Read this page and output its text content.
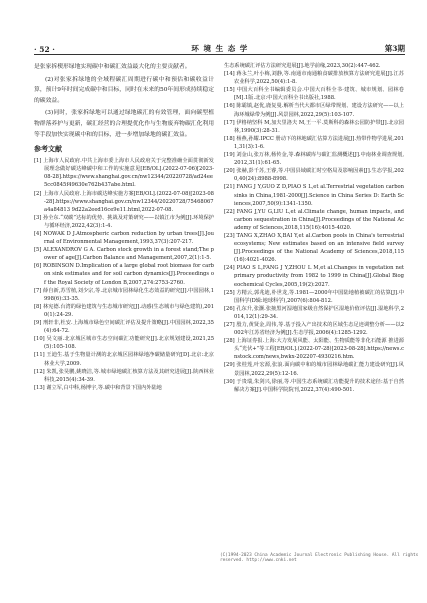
· 52 ·	环 境 生 态 学	第3期

是张家拆楔形绿地实现碳中和碳汇效益最大化的主要贡献者。

(2)对张家拆绿地的全域程碳汇周期进行碳中和预估和碳收益计算，预计9年时间完成碳中和目标，同时在未来的50年间形成持续稳定的碳效益。

(3)同时，张家拆绿地可以通过绿地碳汇的有效管理，面向碳型植物群落养护与更新，碳汇经营的合理提优化作与生物废弃物碳汇化利用等手段加快实现碳中和的目标，进一步增加绿地的碳汇效益。

参考文献
[1] 上海市人民政府.中共上海市委上海市人民政府关于完整准确全面贯彻新发展理念做好碳达峰碳中和工作的实施意见[EB/OL].(2022-07-06)[2023-08-28].https://www.shanghai.gov.cn/nw12344/20220728/ad24ee5cc0845f49630e762b437abe.html.
[2] 上海市人民政府.上海市碳达峰实施方案[EB/OL].(2022-07-08)[2023-08-28].https://www.shanghai.gov.cn/nw12344/20220728/75468067a4a84813 9d22a2eed16ce9e11.html,2022-07-08.
[3] 孙全东.“双碳”达标的优势、挑战及对策研究——以镇江市为例[J].环境保护与循环经济,2022,42(3):1-4.
[4] NOWAK D J.Atmospheric carbon reduction by urban trees[J].Journal of Environmental Management,1993,37(3):207-217.
[5] ALEXANDROV G A. Carbon stock growth in a forest stand;The power of age[J].Carbon Balance and Management,2007,2(1):1-5.
[6] ROBINSON D.Implication of a large global root biomass for carbon sink estimates and for soil carbon dynamics[J].Proceedings of the Royal Society of London B,2007,274:2753-2760.
[7] 薛自新,苏雪植,刘少宗,等.北京城市园林绿化生态效益的研究[J].中国园林,1998(6):33-35.
[8] 林宪德.台湾的绿色建筑与生态城市研究[J].动感(生态城市与绿色建筑),2010(1):24-29.
[9] 刑轩非,杜安.上海城市绿色空间碳汇评估及提升策略[J].中国园林,2022,35(4):64-72.
[10] 吴文丽.北京城区城市生态空间碳汇功能研究[J].北京规划建设,2021,25(5):105-108.
[11] 王迪生.基于生物量计测的北京城区园林绿地净碳储量研究[D].北京:北京林业大学,2009.
[12] 朱凯,张昊鹏,姚晓洁,等.城市绿地碳汇核算方法及其研究进展[J].陕西林业科技,2015(4):34-39.
[13] 谢立军,白中科,杨博宇,等.碳中和背景下国内外陆地
生态系统碳汇评估方法研究进展[J].地学前缘,2023,30(2):447-462.
[14] 蒋永兰,叶小梅,刘静,等.南通市南通粮食碳排放核算方法研究进展[J].江苏农业科学,2022,50(4):1-8.
[15] 中国大百科全书编辑委员会.中国大百科全书·建筑、城市规划、园林卷[M].1版.北京:中国大百科全书出版社,1988.
[16] 陈霸镇,赵优,鹿复曼.解析当代大都市区绿带规划、建设方法研究——以上海环城绿带为例[J].风景园林,2022,29(5):103-107.
[17] 伊格纳坚科 M,加夫里洛夫 M,王一平.莫斯科的森林公园防护带[J].北京园林,1990(3):28-31.
[18] 杨燕,孙耀.IPCC 册动下的林地碳汇估算方法进展[J].热带作物学进展,2011,31(3):1-6.
[19] 刘金山,张万林,杨传金,等.森林碳库与碳汇监测概述[J].中南林业调查规划,2012,31(1):61-65.
[20] 张赫,彭千苏,王睿,等.中国县域碳汇时空格局及影响因素[J].生态学报,2020,40(24):8988-8998.
[21] FANG J Y,GUO Z D,PIAO S L,et al.Terrestrial vegetation carbon sinks in China,1981-2000[J].Science in China Series D: Earth Sciences,2007,50(9):1341-1350.
[22] FANG J,YU G,LIU L,et al.Climate change, human impacts, and carbon sequestration in China[J].Proceedings of the National Academy of Sciences,2018,115(16):4015-4020.
[23] TANG X,ZHAO X,BAI Y,et al.Carbon pools in China's terrestrial ecosystems; New estimates based on an intensive field survey[J].Proceedings of the National Academy of Sciences,2018,115(16):4021-4026.
[24] PIAO S L,FANG J Y,ZHOU L M,et al.Changes in vegetation net primary productivity from 1982 to 1999 in China[J].Global Biogeochemical Cycles,2005,19(2):2027.
[25] 方精云,郭兆迪,朴世龙,等.1981—2000年中国陆地植被碳汇的估算[J].中国科学(D辑:地球科学),2007(6):804-812.
[26] 孔东升,张灏.张掖黑河湿地国家级自然保护区湿地价值评估[J].湿地科学,2014,12(1):29-34.
[27] 殷力,黄贤金,周伟,等.基于投入产出技术的区域生态足迹调整分析——以2002年江苏省经济为例[J].生态学报,2006(4):1285-1292.
[28] 上海证券报.上海:大力发展风能、太阳能、生物质能等非化石能源 推进源头“光伏+”等工程[EB/OL].(2022-07-28)[2023-08-28].https://news.cnstock.com/news,bwkx-202207-4930216.htm.
[29] 张桂莲,叶宏源,张浪.面向碳中和的城市园林绿地碳汇能力建设研究[J].风景园林,2022,29(5):12-16.
[30] 于贵瑞,朱剑兴,徐丽,等.中国生态系统碳汇功能提升的技术途径:基于自然解决方案[J].中国科学院院刊,2022,37(4):490-501.
(C)1994-2023 China Academic Journal Electronic Publishing House. All rights reserved. http://www.cnki.net
